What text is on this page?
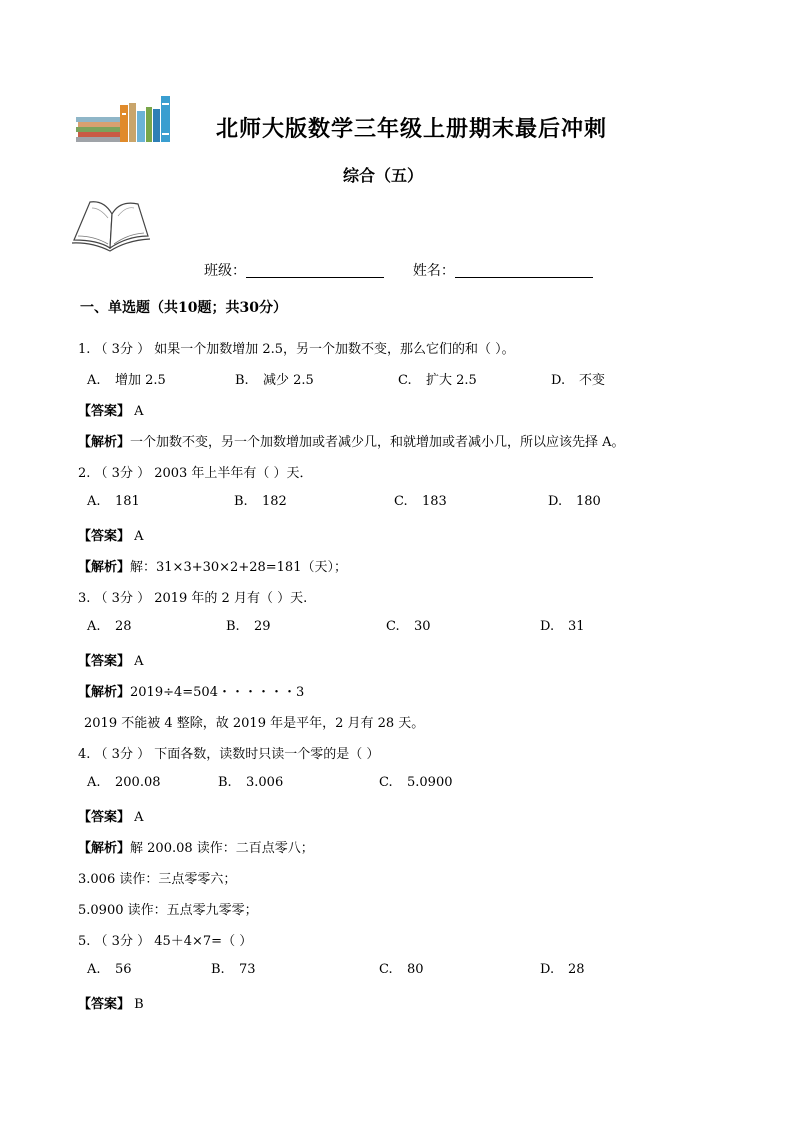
北师大版数学三年级上册期末最后冲刺
综合（五）
班级：	姓名：
一、单选题（共10题；共30分）
1. （ 3分 ） 如果一个加数增加 2.5，另一个加数不变，那么它们的和（ ）。
A. 增加 2.5	B. 减少 2.5	C. 扩大 2.5	D. 不变
【答案】 A
【解析】一个加数不变，另一个加数增加或者减少几，和就增加或者减小几，所以应该先择 A。
2. （ 3分 ） 2003 年上半年有（ ）天．
A. 181	B. 182	C. 183	D. 180
【答案】 A
【解析】解：31×3+30×2+28=181（天）；
3. （ 3分 ） 2019 年的 2 月有（ ）天.
A. 28	B. 29	C. 30	D. 31
【答案】 A
【解析】2019÷4=504・・・・・・3
2019 不能被 4 整除，故 2019 年是平年，2 月有 28 天。
4. （ 3分 ） 下面各数，读数时只读一个零的是（ ）
A. 200.08	B. 3.006	C. 5.0900
【答案】 A
【解析】解 200.08 读作：二百点零八；
3.006 读作：三点零零六；
5.0900 读作：五点零九零零；
5. （ 3分 ） 45＋4×7=（ ）
A. 56	B. 73	C. 80	D. 28
【答案】 B
